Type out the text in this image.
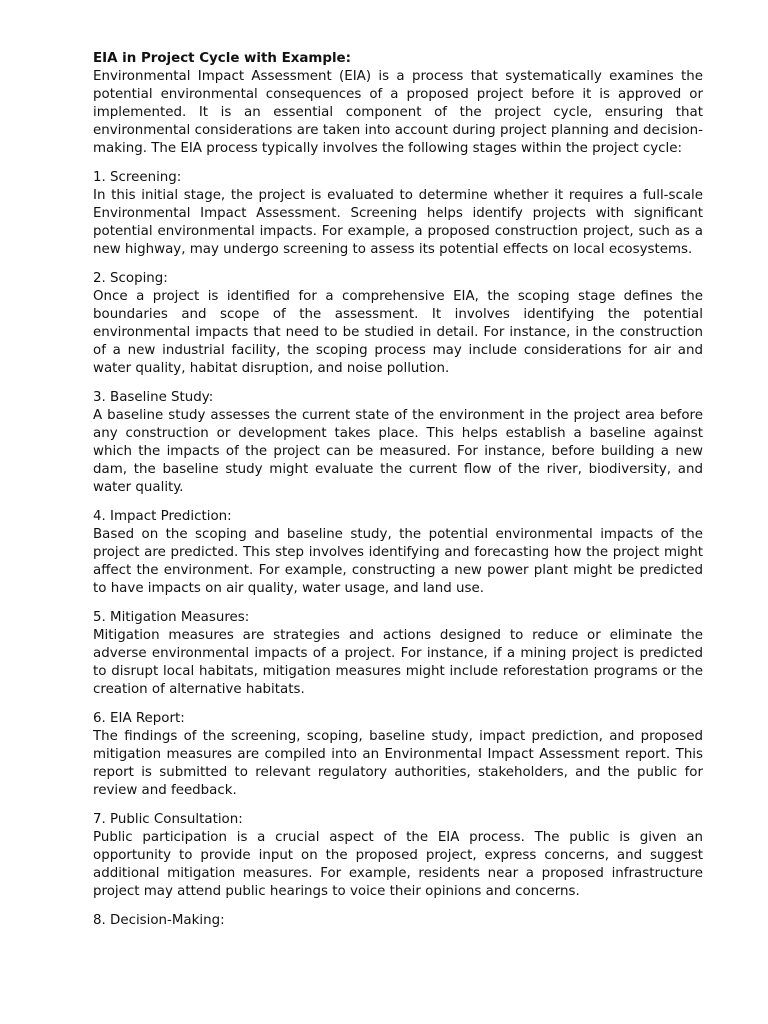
EIA in Project Cycle with Example:

Environmental Impact Assessment (EIA) is a process that systematically examines the potential environmental consequences of a proposed project before it is approved or implemented. It is an essential component of the project cycle, ensuring that environmental considerations are taken into account during project planning and decision-making. The EIA process typically involves the following stages within the project cycle:

1. Screening:

In this initial stage, the project is evaluated to determine whether it requires a full-scale Environmental Impact Assessment. Screening helps identify projects with significant potential environmental impacts. For example, a proposed construction project, such as a new highway, may undergo screening to assess its potential effects on local ecosystems.

2. Scoping:

Once a project is identified for a comprehensive EIA, the scoping stage defines the boundaries and scope of the assessment. It involves identifying the potential environmental impacts that need to be studied in detail. For instance, in the construction of a new industrial facility, the scoping process may include considerations for air and water quality, habitat disruption, and noise pollution.

3. Baseline Study:

A baseline study assesses the current state of the environment in the project area before any construction or development takes place. This helps establish a baseline against which the impacts of the project can be measured. For instance, before building a new dam, the baseline study might evaluate the current flow of the river, biodiversity, and water quality.

4. Impact Prediction:

Based on the scoping and baseline study, the potential environmental impacts of the project are predicted. This step involves identifying and forecasting how the project might affect the environment. For example, constructing a new power plant might be predicted to have impacts on air quality, water usage, and land use.

5. Mitigation Measures:

Mitigation measures are strategies and actions designed to reduce or eliminate the adverse environmental impacts of a project. For instance, if a mining project is predicted to disrupt local habitats, mitigation measures might include reforestation programs or the creation of alternative habitats.

6. EIA Report:

The findings of the screening, scoping, baseline study, impact prediction, and proposed mitigation measures are compiled into an Environmental Impact Assessment report. This report is submitted to relevant regulatory authorities, stakeholders, and the public for review and feedback.

7. Public Consultation:

Public participation is a crucial aspect of the EIA process. The public is given an opportunity to provide input on the proposed project, express concerns, and suggest additional mitigation measures. For example, residents near a proposed infrastructure project may attend public hearings to voice their opinions and concerns.

8. Decision-Making:
